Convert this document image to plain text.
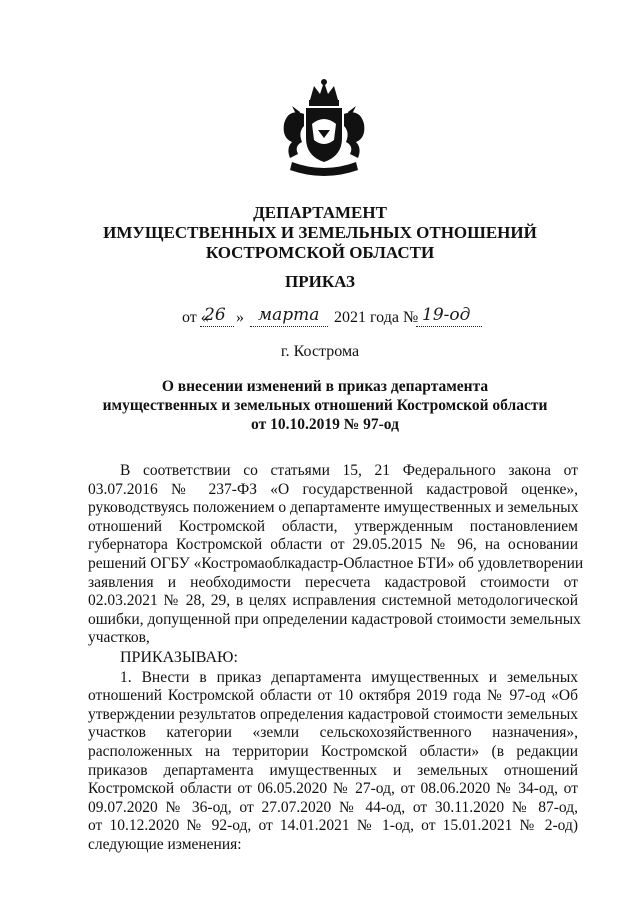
ДЕПАРТАМЕНТ
ИМУЩЕСТВЕННЫХ И ЗЕМЕЛЬНЫХ ОТНОШЕНИЙ
КОСТРОМСКОЙ ОБЛАСТИ
ПРИКАЗ
от «
26 » марта 2021 года № 19-од
г. Кострома
О внесении изменений в приказ департамента
имущественных и земельных отношений Костромской области
от 10.10.2019 № 97-од
В соответствии со статьями 15, 21 Федерального закона от
03.07.2016 № 237-ФЗ «О государственной кадастровой оценке»,
руководствуясь положением о департаменте имущественных и земельных
отношений Костромской области, утвержденным постановлением
губернатора Костромской области от 29.05.2015 № 96, на основании
решений ОГБУ «Костромаоблкадастр-Областное БТИ» об удовлетворении
заявления и необходимости пересчета кадастровой стоимости от
02.03.2021 № 28, 29, в целях исправления системной методологической
ошибки, допущенной при определении кадастровой стоимости земельных
участков,
ПРИКАЗЫВАЮ:
1. Внести в приказ департамента имущественных и земельных
отношений Костромской области от 10 октября 2019 года № 97-од «Об
утверждении результатов определения кадастровой стоимости земельных
участков категории «земли сельскохозяйственного назначения»,
расположенных на территории Костромской области» (в редакции
приказов департамента имущественных и земельных отношений
Костромской области от 06.05.2020 № 27-од, от 08.06.2020 № 34-од, от
09.07.2020 № 36-од, от 27.07.2020 № 44-од, от 30.11.2020 № 87-од,
от 10.12.2020 № 92-од, от 14.01.2021 № 1-од, от 15.01.2021 № 2-од)
следующие изменения:
